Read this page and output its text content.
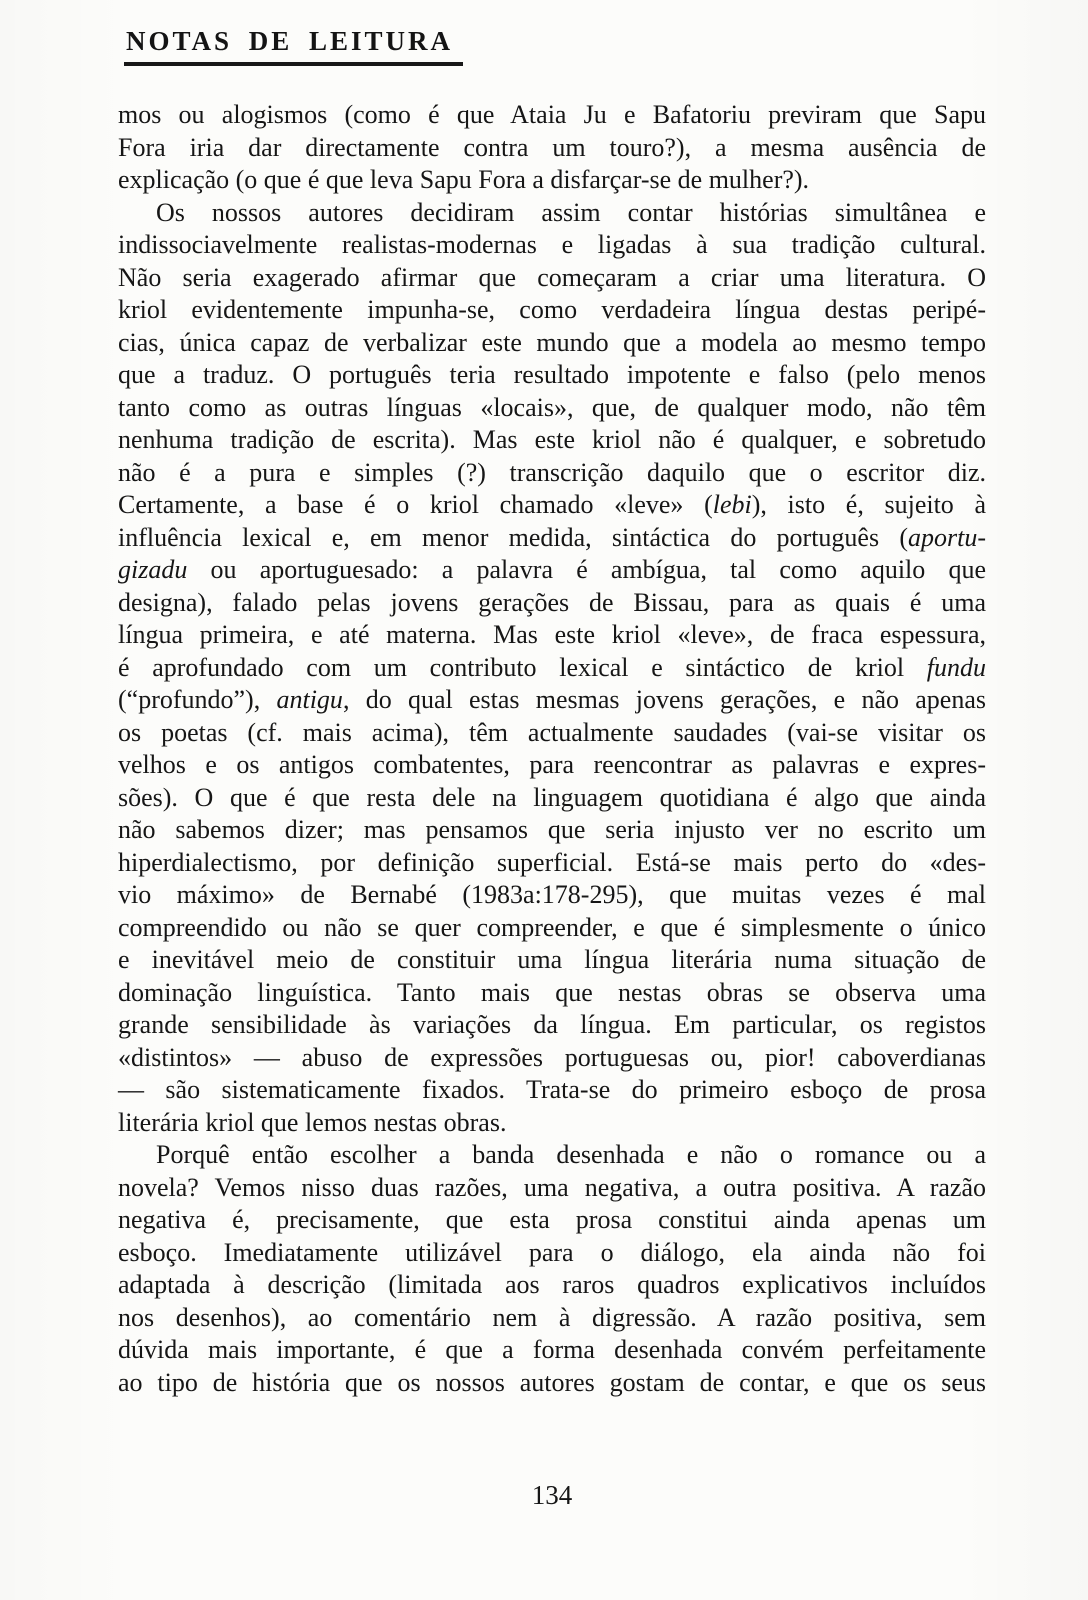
NOTAS DE LEITURA
mos ou alogismos (como é que Ataia Ju e Bafatoriu previram que Sapu
Fora iria dar directamente contra um touro?), a mesma ausência de
explicação (o que é que leva Sapu Fora a disfarçar-se de mulher?).
Os nossos autores decidiram assim contar histórias simultânea e
indissociavelmente realistas-modernas e ligadas à sua tradição cultural.
Não seria exagerado afirmar que começaram a criar uma literatura. O
kriol evidentemente impunha-se, como verdadeira língua destas peripé-
cias, única capaz de verbalizar este mundo que a modela ao mesmo tempo
que a traduz. O português teria resultado impotente e falso (pelo menos
tanto como as outras línguas «locais», que, de qualquer modo, não têm
nenhuma tradição de escrita). Mas este kriol não é qualquer, e sobretudo
não é a pura e simples (?) transcrição daquilo que o escritor diz.
Certamente, a base é o kriol chamado «leve» (lebi), isto é, sujeito à
influência lexical e, em menor medida, sintáctica do português (aportu-
gizadu ou aportuguesado: a palavra é ambígua, tal como aquilo que
designa), falado pelas jovens gerações de Bissau, para as quais é uma
língua primeira, e até materna. Mas este kriol «leve», de fraca espessura,
é aprofundado com um contributo lexical e sintáctico de kriol fundu
(“profundo”), antigu, do qual estas mesmas jovens gerações, e não apenas
os poetas (cf. mais acima), têm actualmente saudades (vai-se visitar os
velhos e os antigos combatentes, para reencontrar as palavras e expres-
sões). O que é que resta dele na linguagem quotidiana é algo que ainda
não sabemos dizer; mas pensamos que seria injusto ver no escrito um
hiperdialectismo, por definição superficial. Está-se mais perto do «des-
vio máximo» de Bernabé (1983a:178-295), que muitas vezes é mal
compreendido ou não se quer compreender, e que é simplesmente o único
e inevitável meio de constituir uma língua literária numa situação de
dominação linguística. Tanto mais que nestas obras se observa uma
grande sensibilidade às variações da língua. Em particular, os registos
«distintos» — abuso de expressões portuguesas ou, pior! caboverdianas
— são sistematicamente fixados. Trata-se do primeiro esboço de prosa
literária kriol que lemos nestas obras.
Porquê então escolher a banda desenhada e não o romance ou a
novela? Vemos nisso duas razões, uma negativa, a outra positiva. A razão
negativa é, precisamente, que esta prosa constitui ainda apenas um
esboço. Imediatamente utilizável para o diálogo, ela ainda não foi
adaptada à descrição (limitada aos raros quadros explicativos incluídos
nos desenhos), ao comentário nem à digressão. A razão positiva, sem
dúvida mais importante, é que a forma desenhada convém perfeitamente
ao tipo de história que os nossos autores gostam de contar, e que os seus
134
